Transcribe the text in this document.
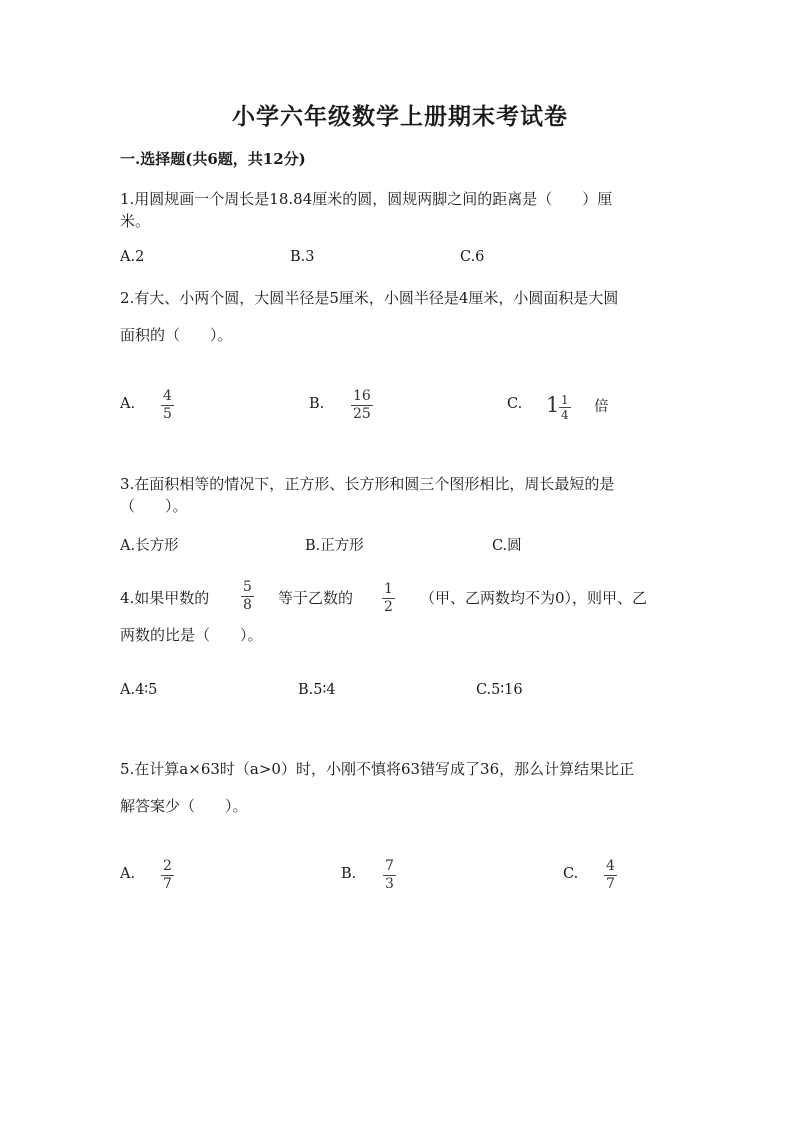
小学六年级数学上册期末考试卷
一.选择题(共6题，共12分)
1.用圆规画一个周长是18.84厘米的圆，圆规两脚之间的距离是（　　）厘
米。
A.2	B.3	C.6
2.有大、小两个圆，大圆半径是5厘米，小圆半径是4厘米，小圆面积是大圆
面积的（　　）。
A. 4
5
B. 16
25
C. 1 1
4 倍
3.在面积相等的情况下，正方形、长方形和圆三个图形相比，周长最短的是
（　　）。
A.长方形	B.正方形	C.圆
4.如果甲数的
5
8 等于乙数的 1
2 （甲、乙两数均不为0），则甲、乙
两数的比是（　　）。
A.4∶5	B.5∶4	C.5∶16
5.在计算a×63时（a>0）时，小刚不慎将63错写成了36，那么计算结果比正
解答案少（　　）。
A. 2
7
B. 7
3
C. 4
7
